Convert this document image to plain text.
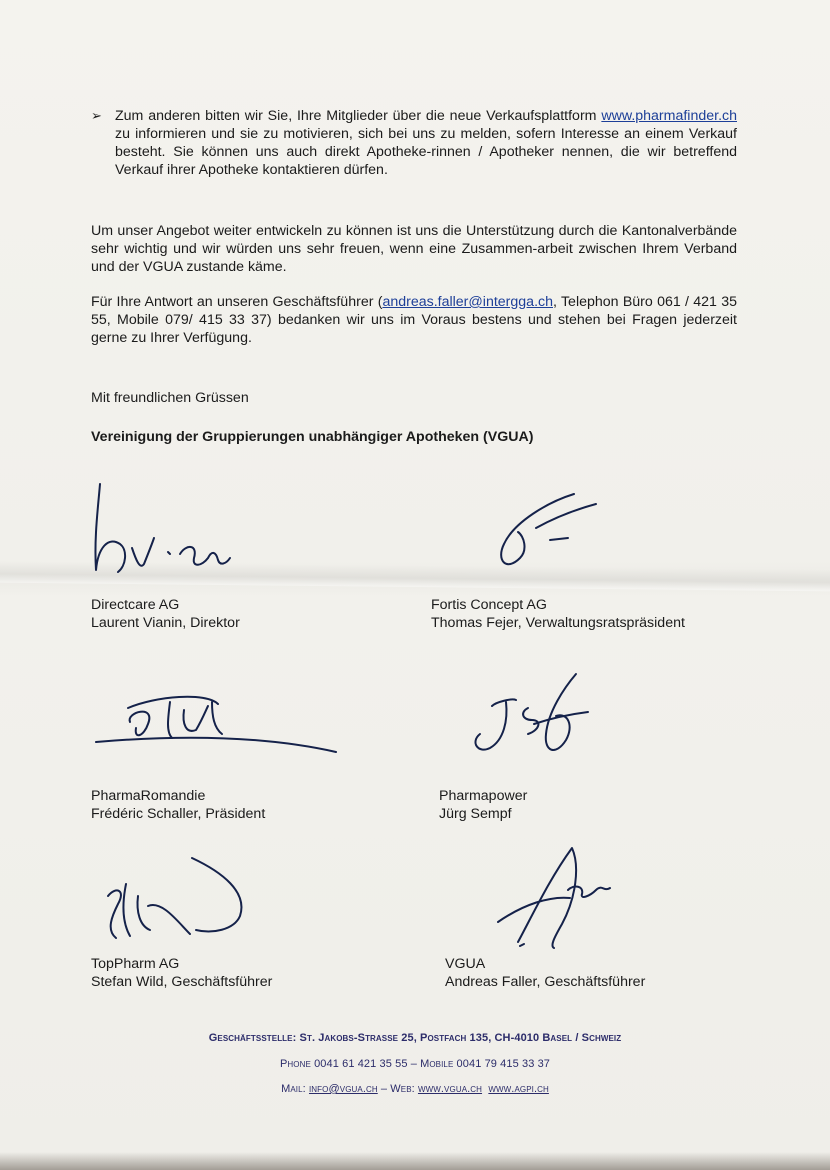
➢ Zum anderen bitten wir Sie, Ihre Mitglieder über die neue Verkaufsplattform www.pharmafinder.ch zu informieren und sie zu motivieren, sich bei uns zu melden, sofern Interesse an einem Verkauf besteht. Sie können uns auch direkt Apotheke-rinnen / Apotheker nennen, die wir betreffend Verkauf ihrer Apotheke kontaktieren dürfen.
Um unser Angebot weiter entwickeln zu können ist uns die Unterstützung durch die Kantonalverbände sehr wichtig und wir würden uns sehr freuen, wenn eine Zusammen-arbeit zwischen Ihrem Verband und der VGUA zustande käme.
Für Ihre Antwort an unseren Geschäftsführer (andreas.faller@intergga.ch, Telephon Büro 061 / 421 35 55, Mobile 079/ 415 33 37) bedanken wir uns im Voraus bestens und stehen bei Fragen jederzeit gerne zu Ihrer Verfügung.
Mit freundlichen Grüssen
Vereinigung der Gruppierungen unabhängiger Apotheken (VGUA)
Directcare AG
Laurent Vianin, Direktor
Fortis Concept AG
Thomas Fejer, Verwaltungsratspräsident
PharmaRomandie
Frédéric Schaller, Präsident
Pharmapower
Jürg Sempf
TopPharm AG
Stefan Wild, Geschäftsführer
VGUA
Andreas Faller, Geschäftsführer
Geschäftsstelle: St. Jakobs-Strasse 25, Postfach 135, CH-4010 Basel / Schweiz
Phone 0041 61 421 35 55 – Mobile 0041 79 415 33 37
Mail: info@vgua.ch – Web: www.vgua.ch www.agpi.ch
